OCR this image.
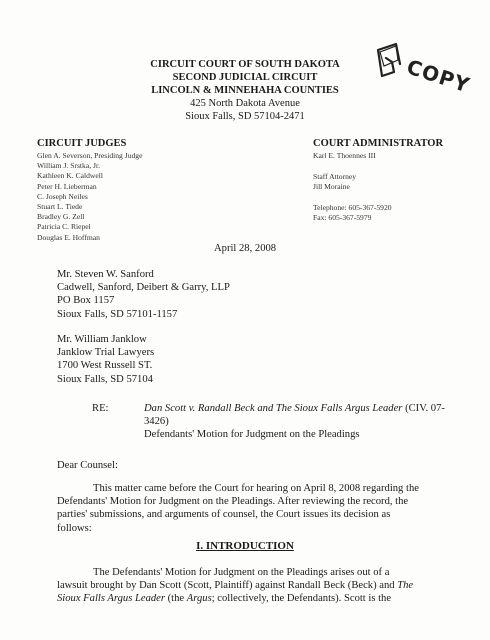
CIRCUIT COURT OF SOUTH DAKOTA
SECOND JUDICIAL CIRCUIT
LINCOLN & MINNEHAHA COUNTIES
425 North Dakota Avenue
Sioux Falls, SD 57104-2471
COPY
CIRCUIT JUDGES
Glen A. Severson, Presiding Judge
William J. Srstka, Jr.
Kathleen K. Caldwell
Peter H. Lieberman
C. Joseph Neiles
Stuart L. Tiede
Bradley G. Zell
Patricia C. Riepel
Douglas E. Hoffman
COURT ADMINISTRATOR
Karl E. Thoennes III
Staff Attorney
Jill Moraine
Telephone: 605-367-5920
Fax: 605-367-5979
April 28, 2008
Mr. Steven W. Sanford
Cadwell, Sanford, Deibert & Garry, LLP
PO Box 1157
Sioux Falls, SD 57101-1157
Mr. William Janklow
Janklow Trial Lawyers
1700 West Russell ST.
Sioux Falls, SD 57104
RE:	Dan Scott v. Randall Beck and The Sioux Falls Argus Leader (CIV. 07-
3426)
Defendants' Motion for Judgment on the Pleadings
Dear Counsel:
This matter came before the Court for hearing on April 8, 2008 regarding the
Defendants' Motion for Judgment on the Pleadings. After reviewing the record, the
parties' submissions, and arguments of counsel, the Court issues its decision as
follows:
I. INTRODUCTION
The Defendants' Motion for Judgment on the Pleadings arises out of a
lawsuit brought by Dan Scott (Scott, Plaintiff) against Randall Beck (Beck) and The
Sioux Falls Argus Leader (the Argus; collectively, the Defendants). Scott is the
